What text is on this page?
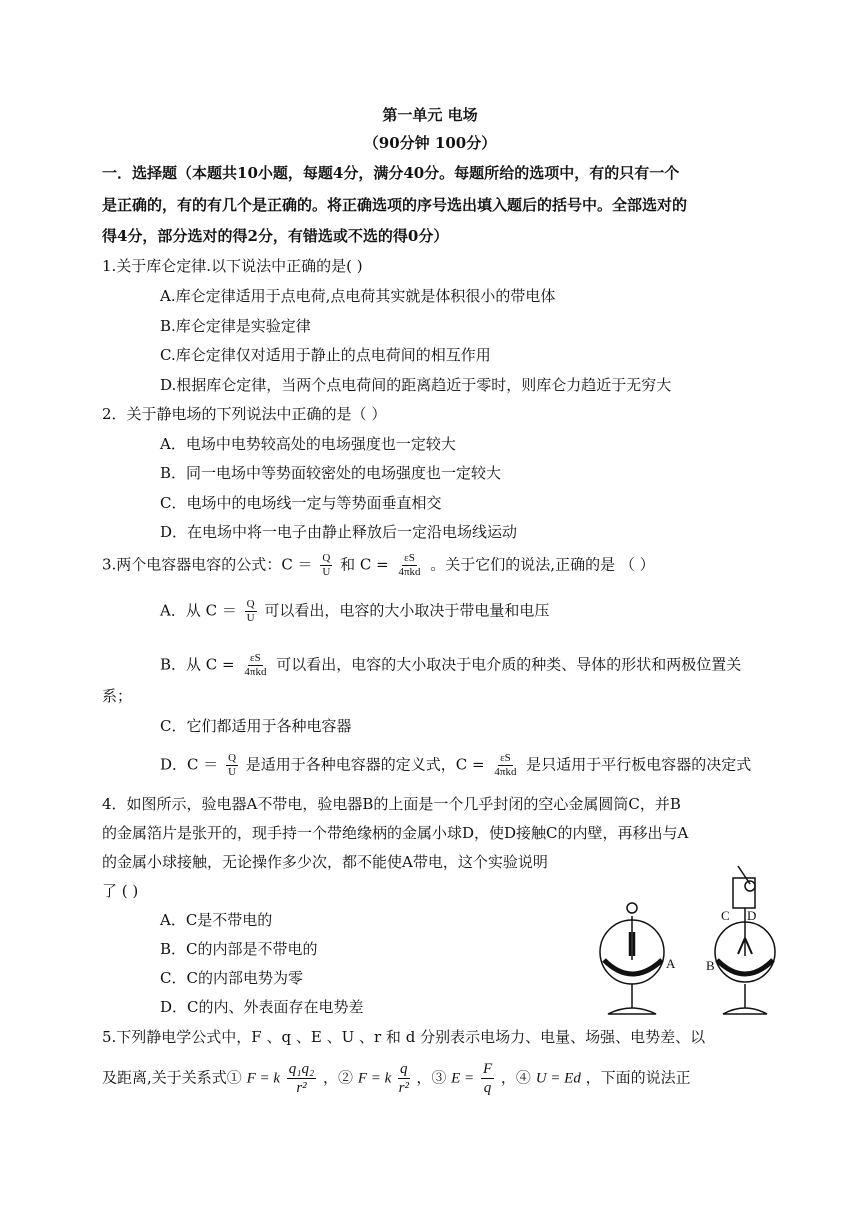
第一单元 电场
（90分钟 100分）
一．选择题（本题共10小题，每题4分，满分40分。每题所给的选项中，有的只有一个
是正确的，有的有几个是正确的。将正确选项的序号选出填入题后的括号中。全部选对的
得4分，部分选对的得2分，有错选或不选的得0分）
1.关于库仑定律.以下说法中正确的是( )
A.库仑定律适用于点电荷,点电荷其实就是体积很小的带电体
B.库仑定律是实验定律
C.库仑定律仅对适用于静止的点电荷间的相互作用
D.根据库仑定律，当两个点电荷间的距离趋近于零时，则库仑力趋近于无穷大
2．关于静电场的下列说法中正确的是（ ）
A．电场中电势较高处的电场强度也一定较大
B．同一电场中等势面较密处的电场强度也一定较大
C．电场中的电场线一定与等势面垂直相交
D．在电场中将一电子由静止释放后一定沿电场线运动
3.两个电容器电容的公式：$C = \frac{Q}{U}$ 和 $C = \frac{\varepsilon S}{\text{4πkd}}$ 。关于它们的说法,正确的是 （ ）
A．从 $C = \frac{Q}{U}$ 可以看出，电容的大小取决于带电量和电压
B．从 $C = \frac{\varepsilon S}{\text{4πkd}}$ 可以看出，电容的大小取决于电介质的种类、导体的形状和两极位置关
系；
C．它们都适用于各种电容器
D．$C = \frac{Q}{U}$ 是适用于各种电容器的定义式，$C = \frac{\varepsilon S}{\text{4πkd}}$ 是只适用于平行板电容器的决定式
4．如图所示，验电器A不带电，验电器B的上面是一个几乎封闭的空心金属圆筒C，并B
的金属箔片是张开的，现手持一个带绝缘柄的金属小球D，使D接触C的内壁，再移出与A
的金属小球接触，无论操作多少次，都不能使A带电，这个实验说明
了 ( )
A．C是不带电的
B．C的内部是不带电的
C．C的内部电势为零
D．C的内、外表面存在电势差
A B
C D
5.下列静电学公式中，F 、q 、E 、U 、r 和 d 分别表示电场力、电量、场强、电势差、以
及距离,关于关系式① F = k $\frac{\text{q₁q₂}}{\text{r²}}$ ，② F = k $\frac{q}{\text{r²}}$ ，③ $E = \frac{F}{q}$ ，④ U = Ed ，下面的说法正
